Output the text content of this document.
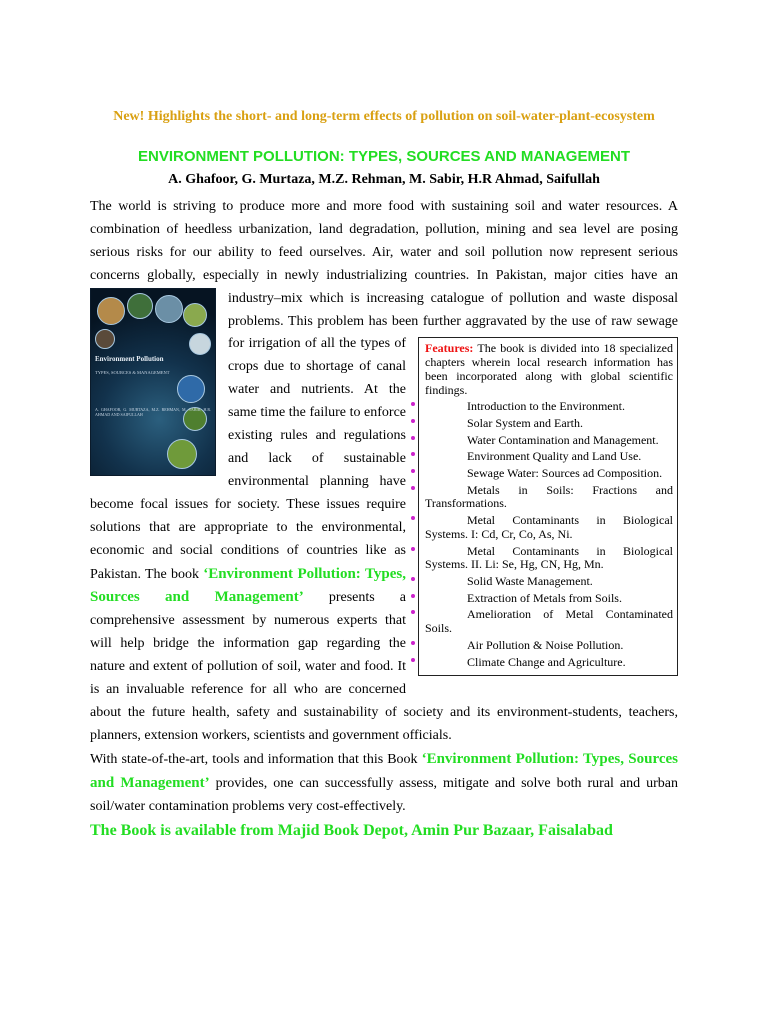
New! Highlights the short- and long-term effects of pollution on soil-water-plant-ecosystem
ENVIRONMENT POLLUTION: TYPES, SOURCES AND MANAGEMENT
A. Ghafoor, G. Murtaza, M.Z. Rehman, M. Sabir, H.R Ahmad, Saifullah

The world is striving to produce more and more food with sustaining soil and water resources. A combination of heedless urbanization, land degradation, pollution, mining and sea level are posing serious risks for our ability to feed ourselves. Air, water and soil pollution now represent serious concerns globally, especially in newly industrializing countries. In Pakistan, major cities have an
Environment Pollution
TYPES, SOURCES & MANAGEMENT
A. GHAFOOR, G. MURTAZA, M.Z. REHMAN, M. SABIR, H.R. AHMAD AND SAIFULLAH
industry–mix which is increasing catalogue of pollution and waste disposal problems. This problem has been further aggravated by the use of raw
Features: The book is divided into 18 specialized chapters wherein local research information has been incorporated along with global scientific findings.
Introduction to the Environment.
Solar System and Earth.
Water Contamination and Management.
Environment Quality and Land Use.
Sewage Water: Sources ad Composition.
Metals in Soils: Fractions and Transformations.
Metal Contaminants in Biological Systems. I: Cd, Cr, Co, As, Ni.
Metal Contaminants in Biological Systems. II. Li: Se, Hg, CN, Hg, Mn.
Solid Waste Management.
Extraction of Metals from Soils.
Amelioration of Metal Contaminated Soils.
Air Pollution & Noise Pollution.
Climate Change and Agriculture.
sewage for irrigation of all the types of crops due to shortage of canal water and nutrients. At the same time the failure to enforce existing rules and regulations and lack of sustainable environmental planning have become focal issues for society. These issues require solutions that are appropriate to the environmental, economic and social conditions of countries like as Pakistan. The book ‘Environment Pollution: Types, Sources and Management’ presents a comprehensive assessment by numerous experts that will help bridge the information gap regarding the nature and extent of pollution of soil, water and food. It is an invaluable reference for all who are concerned about the future health, safety and sustainability of society and its environment-students, teachers, planners, extension workers, scientists and government officials.

With state-of-the-art, tools and information that this Book ‘Environment Pollution: Types, Sources and Management’ provides, one can successfully assess, mitigate and solve both rural and urban soil/water contamination problems very cost-effectively.

The Book is available from Majid Book Depot, Amin Pur Bazaar, Faisalabad
